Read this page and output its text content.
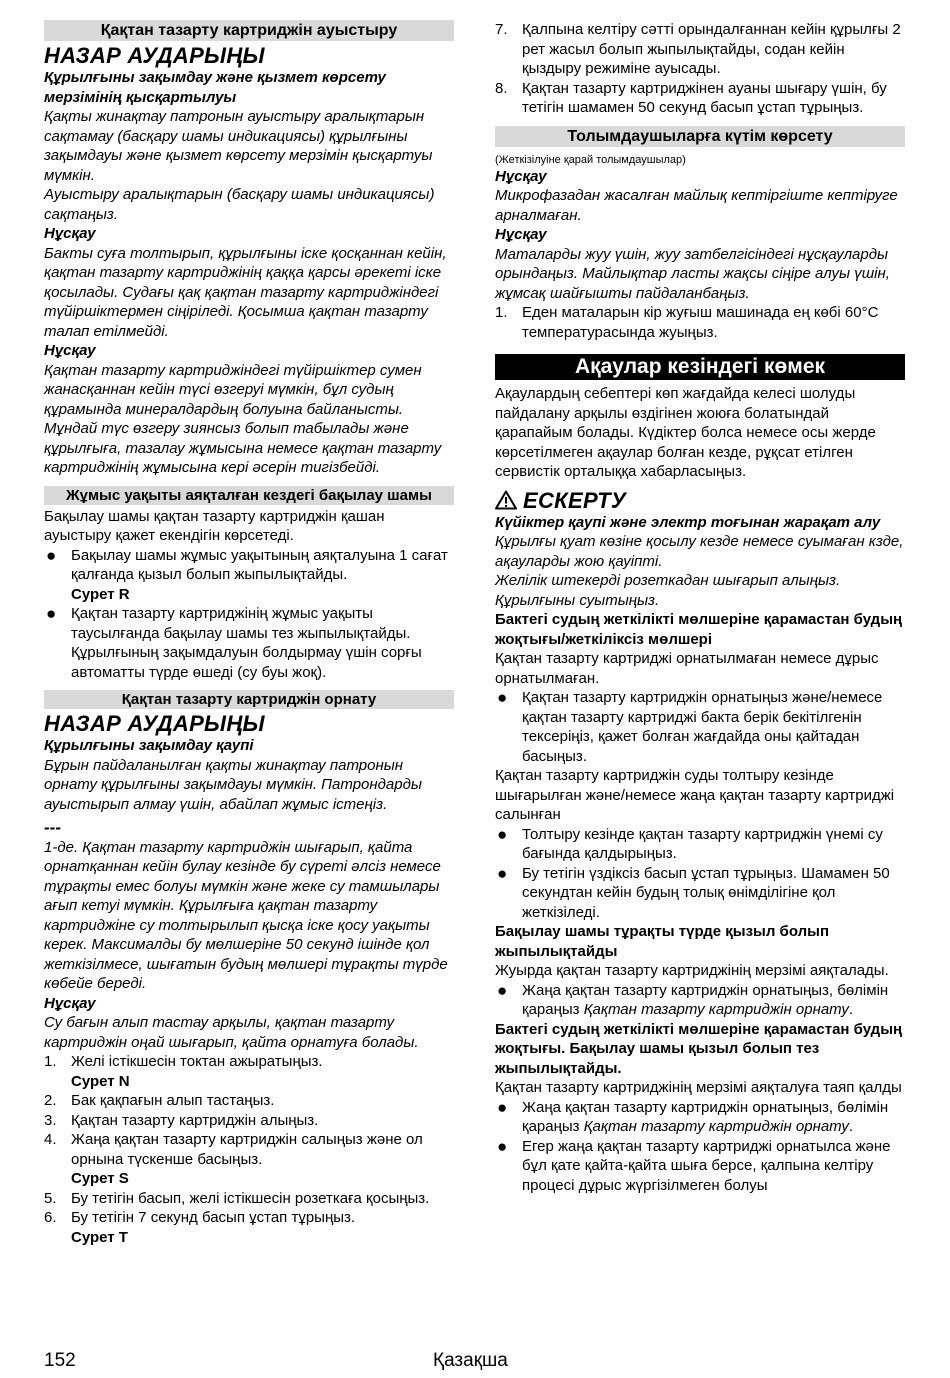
Қақтан тазарту картриджін ауыстыру

НАЗАР АУДАРЫҢЫ

Құрылғыны зақымдау және қызмет көрсету мерзімінің қысқартылуы

Қақты жинақтау патронын ауыстыру аралықтарын сақтамау (басқару шамы индикациясы) құрылғыны зақымдауы және қызмет көрсету мерзімін қысқартуы мүмкін.

Ауыстыру аралықтарын (басқару шамы индикациясы) сақтаңыз.

Нұсқау

Бакты суға толтырып, құрылғыны іске қосқаннан кейін, қақтан тазарту картриджінің қаққа қарсы әрекеті іске қосылады. Судағы қақ қақтан тазарту картриджіндегі түйіршіктермен сіңіріледі. Қосымша қақтан тазарту талап етілмейді.

Нұсқау

Қақтан тазарту картриджіндегі түйіршіктер сумен жанасқаннан кейін түсі өзгеруі мүмкін, бұл судың құрамында минералдардың болуына байланысты. Мұндай түс өзгеру зиянсыз болып табылады және құрылғыға, тазалау жұмысына немесе қақтан тазарту картриджінің жұмысына кері әсерін тигізбейді.

Жұмыс уақыты аяқталған кездегі бақылау шамы

Бақылау шамы қақтан тазарту картриджін қашан ауыстыру қажет екендігін көрсетеді.

● Бақылау шамы жұмыс уақытының аяқталуына 1 сағат қалғанда қызыл болып жыпылықтайды.
Сурет R
● Қақтан тазарту картриджінің жұмыс уақыты таусылғанда бақылау шамы тез жыпылықтайды. Құрылғының зақымдалуын болдырмау үшін сорғы автоматты түрде өшеді (су буы жоқ).
Қақтан тазарту картриджін орнату

НАЗАР АУДАРЫҢЫ

Құрылғыны зақымдау қаупі

Бұрын пайдаланылған қақты жинақтау патронын орнату құрылғыны зақымдауы мүмкін. Патрондарды ауыстырып алмау үшін, абайлап жұмыс істеңіз.

---

1-де. Қақтан тазарту картриджін шығарып, қайта орнатқаннан кейін булау кезінде бу сүреті әлсіз немесе тұрақты емес болуы мүмкін және жеке су тамшылары ағып кетуі мүмкін. Құрылғыға қақтан тазарту картриджіне су толтырылып қысқа іске қосу уақыты керек. Максималды бу мөлшеріне 50 секунд ішінде қол жеткізілмесе, шығатын будың мөлшері тұрақты түрде көбейе береді.

Нұсқау

Су бағын алып тастау арқылы, қақтан тазарту картриджін оңай шығарып, қайта орнатуға болады.

1. Желі істікшесін токтан ажыратыңыз.
Сурет N
2. Бак қақпағын алып тастаңыз.
3. Қақтан тазарту картриджін алыңыз.
4. Жаңа қақтан тазарту картриджін салыңыз және ол орнына түскенше басыңыз.
Сурет S
5. Бу тетігін басып, желі істікшесін розеткаға қосыңыз.
6. Бу тетігін 7 секунд басып ұстап тұрыңыз.
Сурет T
7. Қалпына келтіру сәтті орындалғаннан кейін құрылғы 2 рет жасыл болып жыпылықтайды, содан кейін қыздыру режиміне ауысады.
8. Қақтан тазарту картриджінен ауаны шығару үшін, бу тетігін шамамен 50 секунд басып ұстап тұрыңыз.
Толымдаушыларға күтім көрсету

(Жеткізілуіне қарай толымдаушылар)

Нұсқау

Микрофазадан жасалған майлық кептіргіште кептіруге арналмаған.

Нұсқау

Маталарды жуу үшін, жуу затбелгісіндегі нұсқауларды орындаңыз. Майлықтар ласты жақсы сіңіре алуы үшін, жұмсақ шайғышты пайдаланбаңыз.

1. Еден маталарын кір жуғыш машинада ең көбі 60°C температурасында жуыңыз.
Ақаулар кезіндегі көмек

Ақаулардың себептері көп жағдайда келесі шолуды пайдалану арқылы өздігінен жоюға болатындай қарапайым болады. Күдіктер болса немесе осы жерде көрсетілмеген ақаулар болған кезде, рұқсат етілген сервистік орталыққа хабарласыңыз.

ЕСКЕРТУ

Күйіктер қаупі және электр тоғынан жарақат алу

Құрылғы қуат көзіне қосылу кезде немесе суымаған кзде, ақауларды жою қауіпті.

Желілік штекерді розеткадан шығарып алыңыз. Құрылғыны суытыңыз.

Бактегі судың жеткілікті мөлшеріне қарамастан будың жоқтығы/жеткіліксіз мөлшері

Қақтан тазарту картриджі орнатылмаған немесе дұрыс орнатылмаған.

● Қақтан тазарту картриджін орнатыңыз және/немесе қақтан тазарту картриджі бакта берік бекітілгенін тексеріңіз, қажет болған жағдайда оны қайтадан басыңыз.

Қақтан тазарту картриджін суды толтыру кезінде шығарылған және/немесе жаңа қақтан тазарту картриджі салынған

● Толтыру кезінде қақтан тазарту картриджін үнемі су бағында қалдырыңыз.
● Бу тетігін үздіксіз басып ұстап тұрыңыз. Шамамен 50 секундтан кейін будың толық өнімділігіне қол жеткізіледі.

Бақылау шамы тұрақты түрде қызыл болып жыпылықтайды

Жуырда қақтан тазарту картриджінің мерзімі аяқталады.

● Жаңа қақтан тазарту картриджін орнатыңыз, бөлімін қараңыз Қақтан тазарту картриджін орнату.

Бактегі судың жеткілікті мөлшеріне қарамастан будың жоқтығы. Бақылау шамы қызыл болып тез жыпылықтайды.

Қақтан тазарту картриджінің мерзімі аяқталуға таяп қалды

● Жаңа қақтан тазарту картриджін орнатыңыз, бөлімін қараңыз Қақтан тазарту картриджін орнату.
● Егер жаңа қақтан тазарту картриджі орнатылса және бұл қате қайта-қайта шыға берсе, қалпына келтіру процесі дұрыс жүргізілмеген болуы
152	Қазақша
